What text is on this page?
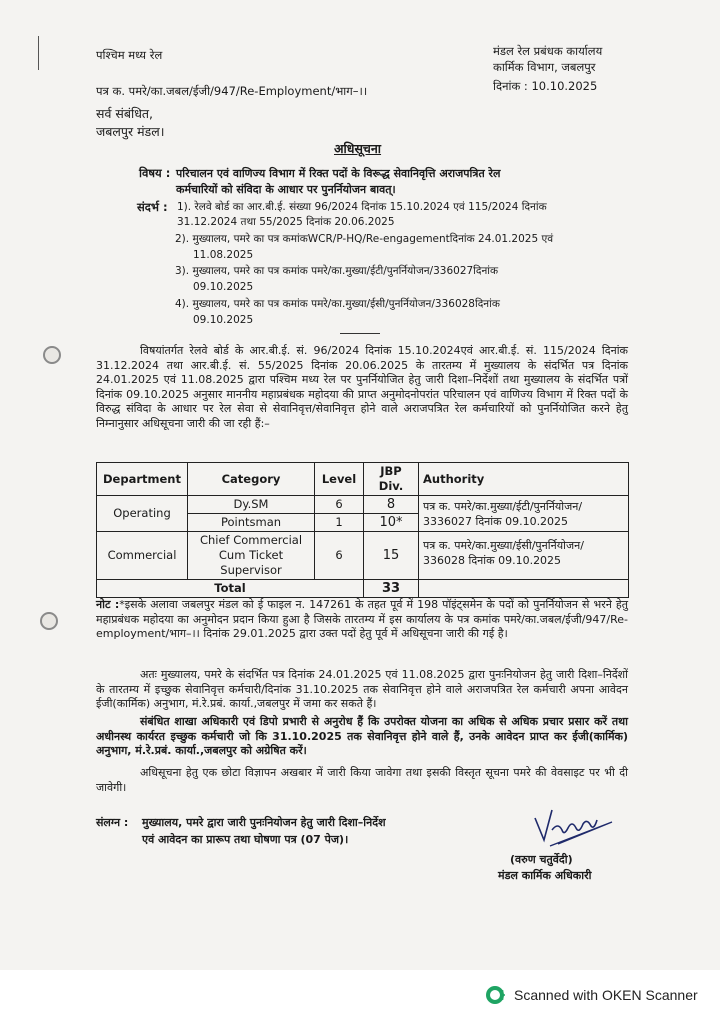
पश्चिम मध्य रेल	मंडल रेल प्रबंधक कार्यालय
कार्मिक विभाग, जबलपुर
पत्र क. पमरे/का.जबल/ईजी/947/Re-Employment/भाग–।।	दिनांक : 10.10.2025
सर्व संबंधित,
जबलपुर मंडल।
अधिसूचना
विषय : परिचालन एवं वाणिज्य विभाग में रिक्त पदों के विरूद्ध सेवानिवृत्ति अराजपत्रित रेल
कर्मचारियों को संविदा के आधार पर पुनर्नियोजन बावत्।
संदर्भ : 1). रेलवे बोर्ड का आर.बी.ई. संख्या 96/2024 दिनांक 15.10.2024 एवं 115/2024 दिनांक
31.12.2024 तथा 55/2025 दिनांक 20.06.2025
2). मुख्यालय, पमरे का पत्र कमांकWCR/P-HQ/Re-engagementदिनांक 24.01.2025 एवं
11.08.2025
3). मुख्यालय, पमरे का पत्र कमांक पमरे/का.मुख्या/ईटी/पुनर्नियोजन/336027दिनांक
09.10.2025
4). मुख्यालय, पमरे का पत्र कमांक पमरे/का.मुख्या/ईसी/पुनर्नियोजन/336028दिनांक
09.10.2025
विषयांतर्गत रेलवे बोर्ड के आर.बी.ई. सं. 96/2024 दिनांक 15.10.2024एवं आर.बी.ई. सं. 115/2024 दिनांक 31.12.2024 तथा आर.बी.ई. सं. 55/2025 दिनांक 20.06.2025 के तारतम्य में मुख्यालय के संदर्भित पत्र दिनांक 24.01.2025 एवं 11.08.2025 द्वारा पश्चिम मध्य रेल पर पुनर्नियोजित हेतु जारी दिशा–निर्देशों तथा मुख्यालय के संदर्भित पत्रों दिनांक 09.10.2025 अनुसार माननीय महाप्रबंधक महोदया की प्राप्त अनुमोदनोपरांत परिचालन एवं वाणिज्य विभाग में रिक्त पदों के विरुद्ध संविदा के आधार पर रेल सेवा से सेवानिवृत्त/सेवानिवृत्त होने वाले अराजपत्रित रेल कर्मचारियों को पुनर्नियोजित करने हेतु निम्नानुसार अधिसूचना जारी की जा रही हैं:–
Department	Category	Level	JBP Div.	Authority
Operating	Dy.SM	6	8	पत्र क. पमरे/का.मुख्या/ईटी/पुनर्नियोजन/ 3336027 दिनांक 09.10.2025
	Pointsman	1	10*	
Commercial	Chief Commercial Cum Ticket Supervisor	6	15	पत्र क. पमरे/का.मुख्या/ईसी/पुनर्नियोजन/ 336028 दिनांक 09.10.2025
Total			33	
नोट :*इसके अलावा जबलपुर मंडल को ई फाइल न. 147261 के तहत पूर्व में 198 पॉइंट्समेन के पदों को पुनर्नियोजन से भरने हेतु महाप्रबंधक महोदया का अनुमोदन प्रदान किया हुआ है जिसके तारतम्य में इस कार्यालय के पत्र कमांक पमरे/का.जबल/ईजी/947/Re-employment/भाग–।। दिनांक 29.01.2025 द्वारा उक्त पदों हेतु पूर्व में अधिसूचना जारी की गई है।
अतः मुख्यालय, पमरे के संदर्भित पत्र दिनांक 24.01.2025 एवं 11.08.2025 द्वारा पुनःनियोजन हेतु जारी दिशा–निर्देशों के तारतम्य में इच्छुक सेवानिवृत्त कर्मचारी/दिनांक 31.10.2025 तक सेवानिवृत्त होने वाले अराजपत्रित रेल कर्मचारी अपना आवेदन ईजी(कार्मिक) अनुभाग, मं.रे.प्रबं. कार्या.,जबलपुर में जमा कर सकते हैं।
संबंधित शाखा अधिकारी एवं डिपो प्रभारी से अनुरोध हैं कि उपरोक्त योजना का अधिक से अधिक प्रचार प्रसार करें तथा अधीनस्थ कार्यरत इच्छुक कर्मचारी जो कि 31.10.2025 तक सेवानिवृत्त होने वाले हैं, उनके आवेदन प्राप्त कर ईजी(कार्मिक) अनुभाग, मं.रे.प्रबं. कार्या.,जबलपुर को अग्रेषित करें।
अधिसूचना हेतु एक छोटा विज्ञापन अखबार में जारी किया जावेगा तथा इसकी विस्तृत सूचना पमरे की वेवसाइट पर भी दी जावेगी।
संलग्न : मुख्यालय, पमरे द्वारा जारी पुनःनियोजन हेतु जारी दिशा–निर्देश
एवं आवेदन का प्रारूप तथा घोषणा पत्र (07 पेज)।
(वरुण चतुर्वेदी)
मंडल कार्मिक अधिकारी
Scanned with OKEN Scanner
